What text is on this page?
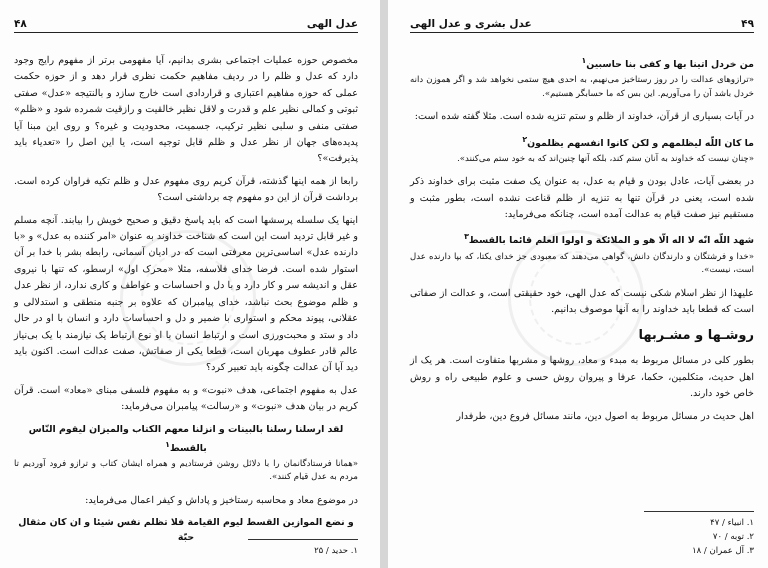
۴۸	عدل الهی

مخصوص حوزه عملیات اجتماعی بشری بدانیم، آیا مفهومی برتر از مفهوم رایج وجود دارد که عدل و ظلم را در ردیف مفاهیم حکمت نظری قرار دهد و از حوزه حکمت عملی که حوزه مفاهیم اعتباری و قراردادی است خارج سازد و بالنتیجه «عدل» صفتی ثبوتی و کمالی نظیر علم و قدرت و لاقل نظیر خالقیت و رازقیت شمرده شود و «ظلم» صفتی منفی و سلبی نظیر ترکیب، جسمیت، محدودیت و غیره؟ و روی این مبنا آیا پدیده‌های جهان از نظر عدل و ظلم قابل توجیه است، یا این اصل را «تعدیاء باید پذیرفت»؟

رابعا از همه اینها گذشته، قرآن کریم روی مفهوم عدل و ظلم تکیه فراوان کرده است. برداشت قرآن از این دو مفهوم چه برداشتی است؟

اینها یک سلسله پرسشها است که باید پاسخ دقیق و صحیح خویش را بیابند. آنچه مسلم و غیر قابل تردید است این است که شناخت خداوند به عنوان «امر کننده به عدل» و «با دارنده عدل» اساسی‌ترین معرفتی است که در ادیان آسمانی، رابطه بشر با خدا بر آن استوار شده است. فرضا خدای فلاسفه، مثلا «محرک اول» ارسطو، که تنها با نیروی عقل و اندیشه سر و کار دارد و با دل و احساسات و عواطف و کاری ندارد، از نظر عدل و ظلم موضوع بحث نباشد، خدای پیامبران که علاوه بر جنبه منطقی و استدلالی و عقلانی، پیوند محکم و استواری با ضمیر و دل و احساسات دارد و انسان با او در حال داد و ستد و محبت‌ورزی است و ارتباط انسان با او نوع ارتباط یک نیازمند با یک بی‌نیاز عالم قادر عطوف مهربان است، قطعا یکی از صفاتش، صفت عدالت است. اکنون باید دید آیا آن عدالت چگونه باید تعبیر کرد؟

عدل به مفهوم اجتماعی، هدف «نبوت» و به مفهوم فلسفی مبنای «معاد» است. قرآن کریم در بیان هدف «نبوت» و «رسالت» پیامبران می‌فرماید:

لقد ارسلنا رسلنا بالبینات و انزلنا معهم الکتاب والمیزان لیقوم النّاس بالقسط$^۱$

«همانا فرستادگانمان را با دلائل روشن فرستادیم و همراه ایشان کتاب و ترازو فرود آوردیم تا مردم به عدل قیام کنند».

در موضوع معاد و محاسبه رستاخیز و پاداش و کیفر اعمال می‌فرماید:

و نضع الموازین القسط لیوم القیامة فلا تظلم نفس شیئا و ان کان مثقال حبّة
۱. حدید / ۲۵
عدل بشری و عدل الهی	۴۹
من خردل اتینا بها و کفی بنا حاسبین$^۱$

«ترازوهای عدالت را در روز رستاخیز می‌نهیم، به احدی هیچ ستمی نخواهد شد و اگر هموزن دانه خردل باشد آن را می‌آوریم. این بس که ما حسابگر هستیم».

در آیات بسیاری از قرآن، خداوند از ظلم و ستم تنزیه شده است. مثلا گفته شده است:

ما کان اللّه لیظلمهم و لکن کانوا انفسهم یظلمون$^۲$

«چنان نیست که خداوند به آنان ستم کند، بلکه آنها چنین‌اند که به خود ستم می‌کنند».

در بعضی آیات، عادل بودن و قیام به عدل، به عنوان یک صفت مثبت برای خداوند ذکر شده است، یعنی در قرآن تنها به تنزیه از ظلم قناعت نشده است، بطور مثبت و مستقیم نیز صفت قیام به عدالت آمده است، چنانکه می‌فرماید:

شهد اللّه انّه لا اله الّا هو و الملائکة و اولوا العلم قائما بالقسط$^۳$

«خدا و فرشتگان و دارندگان دانش، گواهی می‌دهند که معبودی جز خدای یکتا، که بپا دارنده عدل است، نیست».

علیهذا از نظر اسلام شکی نیست که عدل الهی، خود حقیقتی است، و عدالت از صفاتی است که قطعا باید خداوند را به آنها موصوف بدانیم.

روشـها و مشـربها

بطور کلی در مسائل مربوط به مبدء و معاد، روشها و مشربها متفاوت است. هر یک از اهل حدیث، متکلمین، حکما، عرفا و پیروان روش حسی و علوم طبیعی راه و روش خاص خود دارند.

اهل حدیث در مسائل مربوط به اصول دین، مانند مسائل فروع دین، طرفدار

۱. انبیاء / ۴۷
۲. توبه / ۷۰
۳. آل عمران / ۱۸
